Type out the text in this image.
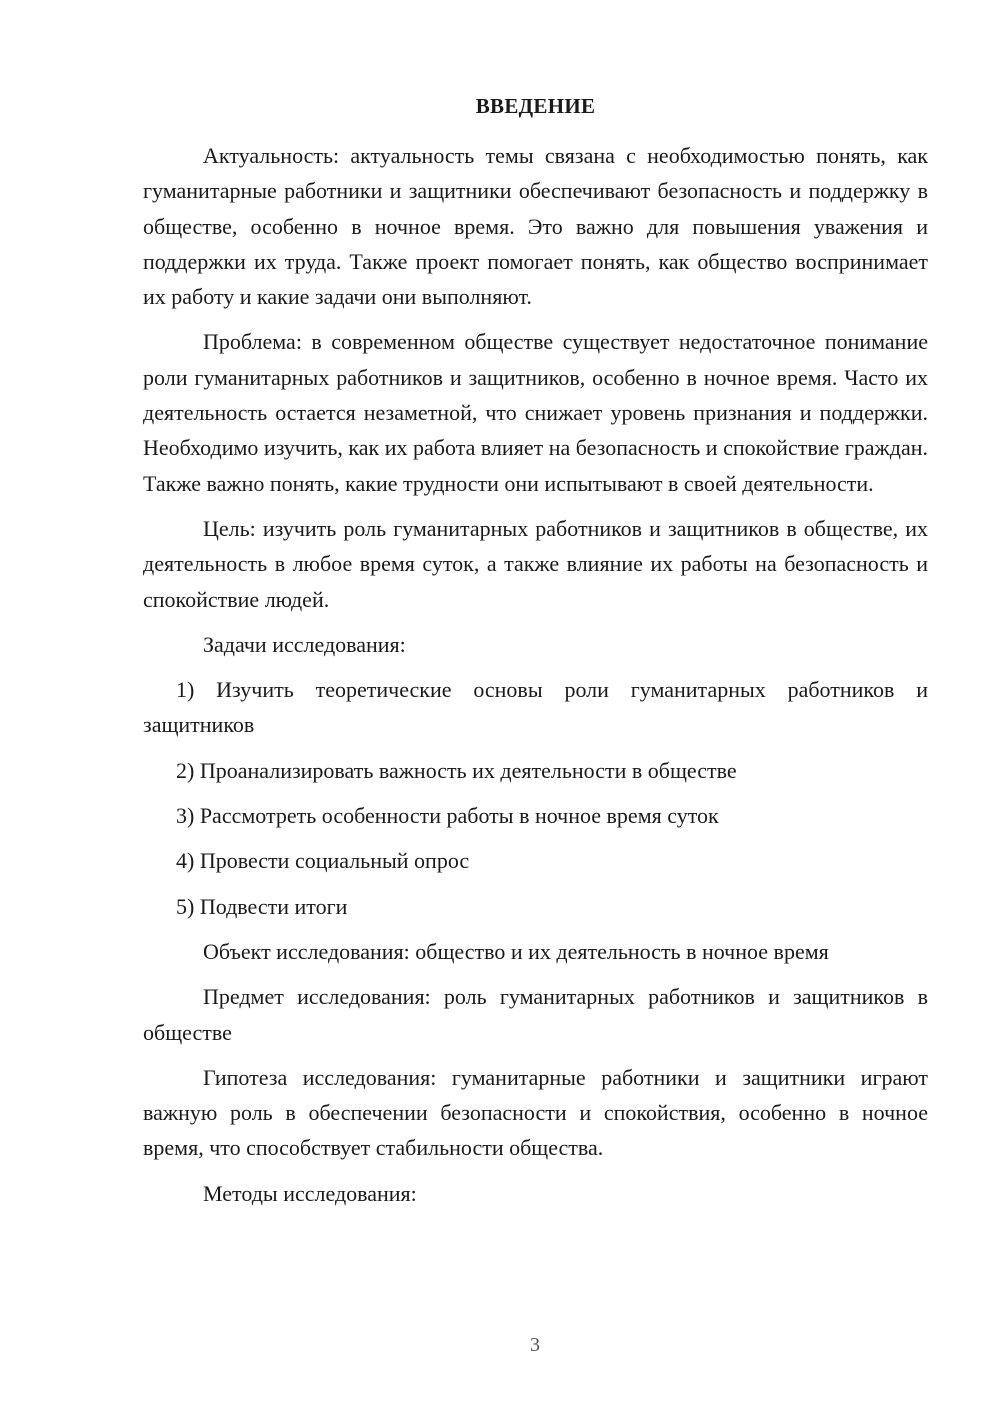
ВВЕДЕНИЕ

Актуальность: актуальность темы связана с необходимостью понять, как гуманитарные работники и защитники обеспечивают безопасность и поддержку в обществе, особенно в ночное время. Это важно для повышения уважения и поддержки их труда. Также проект помогает понять, как общество воспринимает их работу и какие задачи они выполняют.

Проблема: в современном обществе существует недостаточное понимание роли гуманитарных работников и защитников, особенно в ночное время. Часто их деятельность остается незаметной, что снижает уровень признания и поддержки. Необходимо изучить, как их работа влияет на безопасность и спокойствие граждан. Также важно понять, какие трудности они испытывают в своей деятельности.

Цель: изучить роль гуманитарных работников и защитников в обществе, их деятельность в любое время суток, а также влияние их работы на безопасность и спокойствие людей.

Задачи исследования:

1) Изучить теоретические основы роли гуманитарных работников и защитников

2) Проанализировать важность их деятельности в обществе

3) Рассмотреть особенности работы в ночное время суток

4) Провести социальный опрос

5) Подвести итоги

Объект исследования: общество и их деятельность в ночное время

Предмет исследования: роль гуманитарных работников и защитников в обществе

Гипотеза исследования: гуманитарные работники и защитники играют важную роль в обеспечении безопасности и спокойствия, особенно в ночное время, что способствует стабильности общества.

Методы исследования:

3
